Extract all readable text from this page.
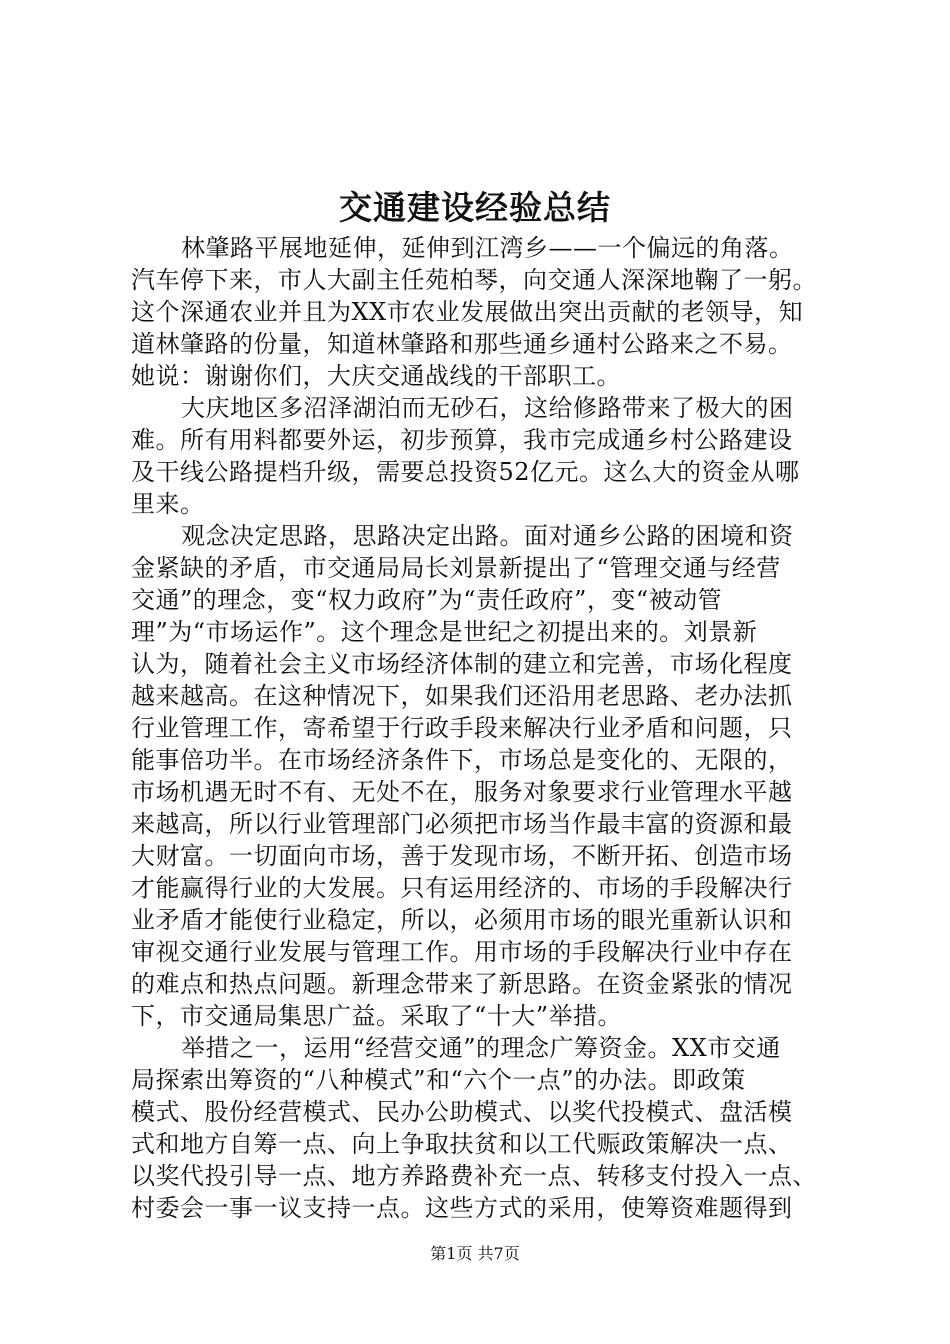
交通建设经验总结
林肇路平展地延伸，延伸到江湾乡——一个偏远的角落。
汽车停下来，市人大副主任苑柏琴，向交通人深深地鞠了一躬。
这个深通农业并且为XX市农业发展做出突出贡献的老领导，知
道林肇路的份量，知道林肇路和那些通乡通村公路来之不易。
她说：谢谢你们，大庆交通战线的干部职工。
大庆地区多沼泽湖泊而无砂石，这给修路带来了极大的困
难。所有用料都要外运，初步预算，我市完成通乡村公路建设
及干线公路提档升级，需要总投资52亿元。这么大的资金从哪
里来。
观念决定思路，思路决定出路。面对通乡公路的困境和资
金紧缺的矛盾，市交通局局长刘景新提出了“管理交通与经营
交通”的理念，变“权力政府”为“责任政府”，变“被动管
理”为“市场运作”。这个理念是世纪之初提出来的。刘景新
认为，随着社会主义市场经济体制的建立和完善，市场化程度
越来越高。在这种情况下，如果我们还沿用老思路、老办法抓
行业管理工作，寄希望于行政手段来解决行业矛盾和问题，只
能事倍功半。在市场经济条件下，市场总是变化的、无限的，
市场机遇无时不有、无处不在，服务对象要求行业管理水平越
来越高，所以行业管理部门必须把市场当作最丰富的资源和最
大财富。一切面向市场，善于发现市场，不断开拓、创造市场
才能赢得行业的大发展。只有运用经济的、市场的手段解决行
业矛盾才能使行业稳定，所以，必须用市场的眼光重新认识和
审视交通行业发展与管理工作。用市场的手段解决行业中存在
的难点和热点问题。新理念带来了新思路。在资金紧张的情况
下，市交通局集思广益。采取了“十大”举措。
举措之一，运用“经营交通”的理念广筹资金。XX市交通
局探索出筹资的“八种模式”和“六个一点”的办法。即政策
模式、股份经营模式、民办公助模式、以奖代投模式、盘活模
式和地方自筹一点、向上争取扶贫和以工代赈政策解决一点、
以奖代投引导一点、地方养路费补充一点、转移支付投入一点、
村委会一事一议支持一点。这些方式的采用，使筹资难题得到
第1页 共7页
